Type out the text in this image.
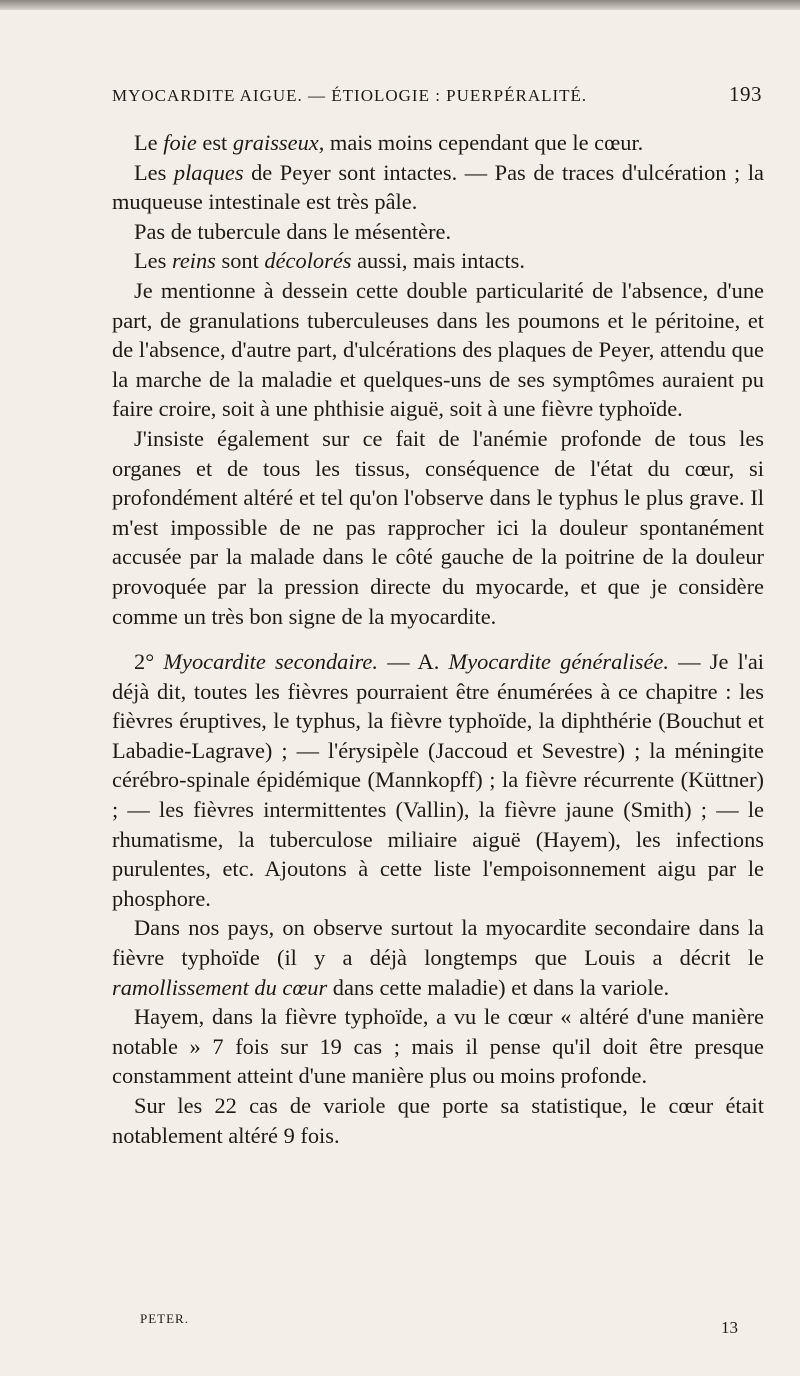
MYOCARDITE AIGUE. — ÉTIOLOGIE : PUERPÉRALITÉ.	193

Le foie est graisseux, mais moins cependant que le cœur.

Les plaques de Peyer sont intactes. — Pas de traces d'ulcération ; la muqueuse intestinale est très pâle.

Pas de tubercule dans le mésentère.

Les reins sont décolorés aussi, mais intacts.

Je mentionne à dessein cette double particularité de l'absence, d'une part, de granulations tuberculeuses dans les poumons et le péritoine, et de l'absence, d'autre part, d'ulcérations des plaques de Peyer, attendu que la marche de la maladie et quelques-uns de ses symptômes auraient pu faire croire, soit à une phthisie aiguë, soit à une fièvre typhoïde.

J'insiste également sur ce fait de l'anémie profonde de tous les organes et de tous les tissus, conséquence de l'état du cœur, si profondément altéré et tel qu'on l'observe dans le typhus le plus grave. Il m'est impossible de ne pas rapprocher ici la douleur spontanément accusée par la malade dans le côté gauche de la poitrine de la douleur provoquée par la pression directe du myocarde, et que je considère comme un très bon signe de la myocardite.

2° Myocardite secondaire. — A. Myocardite généralisée. — Je l'ai déjà dit, toutes les fièvres pourraient être énumérées à ce chapitre : les fièvres éruptives, le typhus, la fièvre typhoïde, la diphthérie (Bouchut et Labadie-Lagrave) ; — l'érysipèle (Jaccoud et Sevestre) ; la méningite cérébro-spinale épidémique (Mannkopff) ; la fièvre récurrente (Küttner) ; — les fièvres intermittentes (Vallin), la fièvre jaune (Smith) ; — le rhumatisme, la tuberculose miliaire aiguë (Hayem), les infections purulentes, etc. Ajoutons à cette liste l'empoisonnement aigu par le phosphore.

Dans nos pays, on observe surtout la myocardite secondaire dans la fièvre typhoïde (il y a déjà longtemps que Louis a décrit le ramollissement du cœur dans cette maladie) et dans la variole.

Hayem, dans la fièvre typhoïde, a vu le cœur « altéré d'une manière notable » 7 fois sur 19 cas ; mais il pense qu'il doit être presque constamment atteint d'une manière plus ou moins profonde.

Sur les 22 cas de variole que porte sa statistique, le cœur était notablement altéré 9 fois.

PETER.	13
